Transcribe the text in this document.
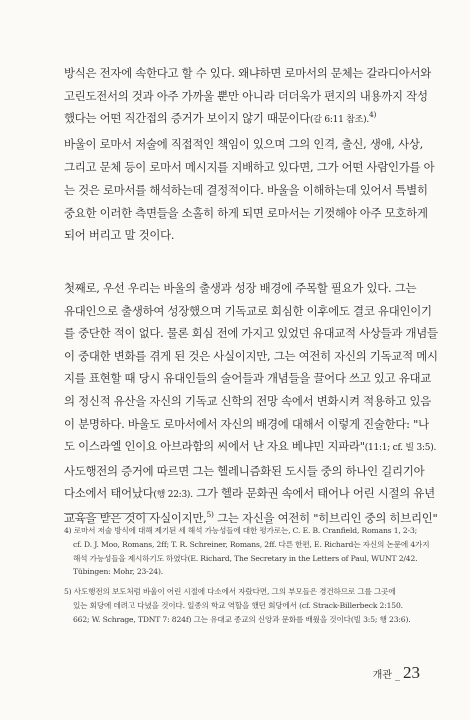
방식은 전자에 속한다고 할 수 있다. 왜냐하면 로마서의 문체는 갈라디아서와
고린도전서의 것과 아주 가까울 뿐만 아니라 더더욱가 편지의 내용까지 작성
했다는 어떤 직간접의 증거가 보이지 않기 때문이다(갈 6:11 참조).$^{4)}$

바울이 로마서 저술에 직접적인 책임이 있으며 그의 인격, 출신, 생애, 사상,
그리고 문체 등이 로마서 메시지를 지배하고 있다면, 그가 어떤 사람인가를 아
는 것은 로마서를 해석하는데 결정적이다. 바울을 이해하는데 있어서 특별히
중요한 이러한 측면들을 소홀히 하게 되면 로마서는 기껏해야 아주 모호하게
되어 버리고 말 것이다.

첫째로, 우선 우리는 바울의 출생과 성장 배경에 주목할 필요가 있다. 그는
유대인으로 출생하여 성장했으며 기독교로 회심한 이후에도 결코 유대인이기
를 중단한 적이 없다. 물론 회심 전에 가지고 있었던 유대교적 사상들과 개념들
이 중대한 변화를 겪게 된 것은 사실이지만, 그는 여전히 자신의 기독교적 메시
지를 표현할 때 당시 유대인들의 술어들과 개념들을 끌어다 쓰고 있고 유대교
의 정신적 유산을 자신의 기독교 신학의 전망 속에서 변화시켜 적용하고 있음
이 분명하다. 바울도 로마서에서 자신의 배경에 대해서 이렇게 진술한다: "나
도 이스라엘 인이요 아브라함의 씨에서 난 자요 베냐민 지파라"(11:1; cf. 빌 3:5).
사도행전의 증거에 따르면 그는 헬레니즘화된 도시들 중의 하나인 길리기아
다소에서 태어났다(행 22:3). 그가 헬라 문화권 속에서 태어나 어린 시절의 유년
교육을 받은 것이 사실이지만,$^{5)}$ 그는 자신을 여전히 "히브리인 중의 히브리인"

4) 로마서 저술 방식에 대해 제기된 세 해석 가능성들에 대한 평가로는, C. E. B. Cranfield, Romans 1, 2-3;
cf. D. J. Moo, Romans, 2ff; T. R. Schreiner, Romans, 2ff. 다른 한편, E. Richard는 자신의 논문에 4가지
해석 가능성들을 제시하기도 하였다(E. Richard, The Secretary in the Letters of Paul, WUNT 2/42.
Tübingen: Mohr, 23-24).

5) 사도행전의 보도처럼 바울이 어린 시절에 다소에서 자랐다면, 그의 부모들은 경건하므로 그를 그곳에
있는 회당에 데려고 다녔을 것이다. 일종의 학교 역할을 했던 회당에서 (cf. Strack-Billerbeck 2:150.
662; W. Schrage, TDNT 7: 824f) 그는 유대교 종교의 신앙과 문화를 배웠을 것이다(빌 3:5; 행 23:6).

개관 _ 23
